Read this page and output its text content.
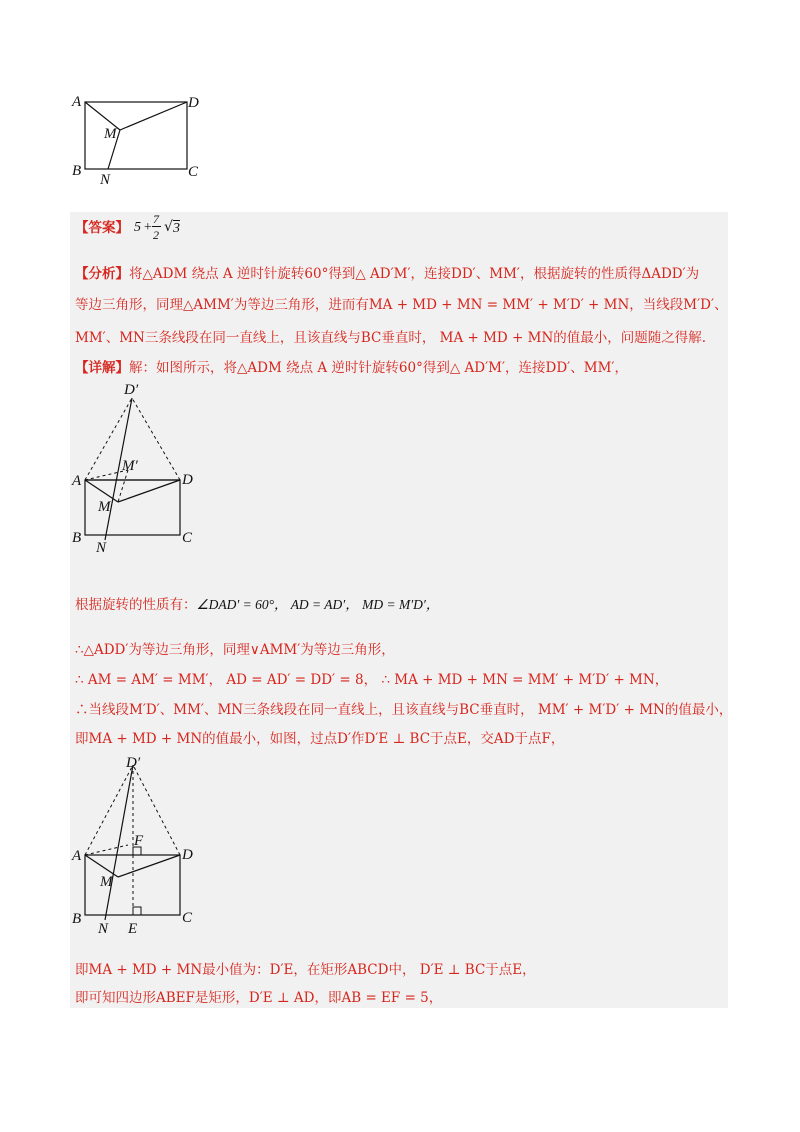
A	D
M
B
N	C
【答案】 5 +
7
2 √ 3
【分析】将△ADM 绕点 A 逆时针旋转60°得到△ AD′M′，连接DD′、MM′，根据旋转的性质得ΔADD′为
等边三角形，同理△AMM′为等边三角形，进而有MA + MD + MN = MM′ + M′D′ + MN，当线段M′D′、
MM′、MN三条线段在同一直线上，且该直线与BC垂直时， MA + MD + MN的值最小，问题随之得解.
【详解】解：如图所示，将△ADM 绕点 A 逆时针旋转60°得到△ AD′M′，连接DD′、MM′，
D′
M′
A	D
M
B
N
C
根据旋转的性质有：∠DAD′ = 60°， AD = AD′， MD = M′D′，
∴△ADD′为等边三角形，同理∨AMM′为等边三角形，
∴ AM = AM′ = MM′， AD = AD′ = DD′ = 8， ∴ MA + MD + MN = MM′ + M′D′ + MN，
∴当线段M′D′、MM′、MN三条线段在同一直线上，且该直线与BC垂直时， MM′ + M′D′ + MN的值最小，
即MA + MD + MN的值最小，如图，过点D′作D′E ⊥ BC于点E，交AD于点F，
D′
F
A	D
M
B
N E
C
即MA + MD + MN最小值为：D′E，在矩形ABCD中， D′E ⊥ BC于点E，
即可知四边形ABEF是矩形，D′E ⊥ AD，即AB = EF = 5，
